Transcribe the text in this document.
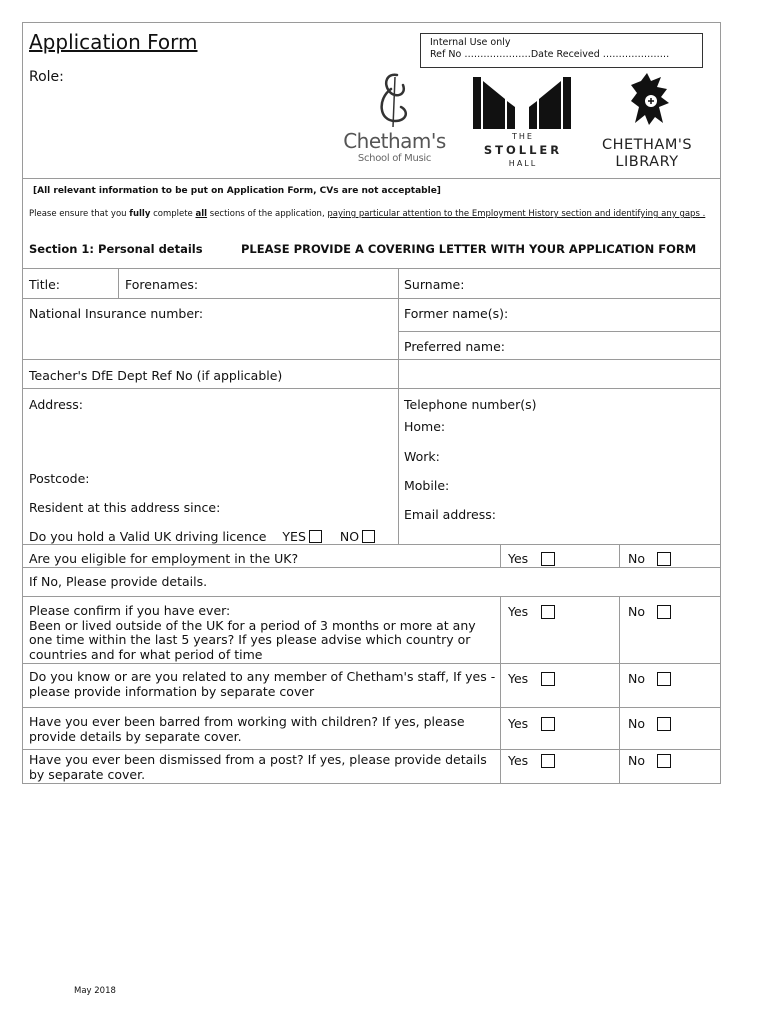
Application Form
Role:
Internal Use only
Ref No …………………Date Received …………………
Chetham's
School of Music
THE
STOLLER
HALL
CHETHAM'S
LIBRARY
[All relevant information to be put on Application Form, CVs are not acceptable]
Please ensure that you fully complete all sections of the application, paying particular attention to the Employment History section and identifying any gaps .
Section 1: Personal details	PLEASE PROVIDE A COVERING LETTER WITH YOUR APPLICATION FORM
Title:	Forenames:	Surname:
National Insurance number:	Former name(s):
Preferred name:
Teacher's DfE Dept Ref No (if applicable)
Address:
Postcode:
Resident at this address since:
Do you hold a Valid UK driving licence YES	NO
Telephone number(s)
Home:
Work:
Mobile:
Email address:
Are you eligible for employment in the UK?	Yes	No
If No, Please provide details.
Please confirm if you have ever:
Been or lived outside of the UK for a period of 3 months or more at any one time within the last 5 years? If yes please advise which country or countries and for what period of time
Yes	No
Do you know or are you related to any member of Chetham's staff, If yes - please provide information by separate cover
Yes	No
Have you ever been barred from working with children? If yes, please provide details by separate cover.
Yes	No
Have you ever been dismissed from a post? If yes, please provide details by separate cover.
Yes	No
May 2018
